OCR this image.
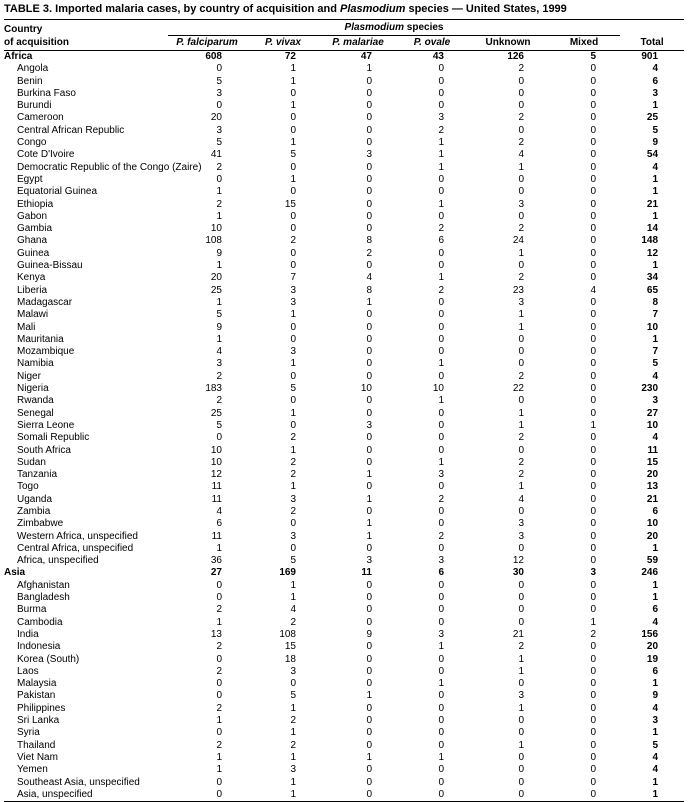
TABLE 3. Imported malaria cases, by country of acquisition and Plasmodium species — United States, 1999
Country	Plasmodium species						
of acquisition	P. falciparum	P. vivax	P. malariae	P. ovale	Unknown	Mixed	Total
Africa	608	72	47	43	126	5	901
Angola	0	1	1	0	2	0	4
Benin	5	1	0	0	0	0	6
Burkina Faso	3	0	0	0	0	0	3
Burundi	0	1	0	0	0	0	1
Cameroon	20	0	0	3	2	0	25
Central African Republic	3	0	0	2	0	0	5
Congo	5	1	0	1	2	0	9
Cote D'Ivoire	41	5	3	1	4	0	54
Democratic Republic of the Congo (Zaire)	2	0	0	1	1	0	4
Egypt	0	1	0	0	0	0	1
Equatorial Guinea	1	0	0	0	0	0	1
Ethiopia	2	15	0	1	3	0	21
Gabon	1	0	0	0	0	0	1
Gambia	10	0	0	2	2	0	14
Ghana	108	2	8	6	24	0	148
Guinea	9	0	2	0	1	0	12
Guinea-Bissau	1	0	0	0	0	0	1
Kenya	20	7	4	1	2	0	34
Liberia	25	3	8	2	23	4	65
Madagascar	1	3	1	0	3	0	8
Malawi	5	1	0	0	1	0	7
Mali	9	0	0	0	1	0	10
Mauritania	1	0	0	0	0	0	1
Mozambique	4	3	0	0	0	0	7
Namibia	3	1	0	1	0	0	5
Niger	2	0	0	0	2	0	4
Nigeria	183	5	10	10	22	0	230
Rwanda	2	0	0	1	0	0	3
Senegal	25	1	0	0	1	0	27
Sierra Leone	5	0	3	0	1	1	10
Somali Republic	0	2	0	0	2	0	4
South Africa	10	1	0	0	0	0	11
Sudan	10	2	0	1	2	0	15
Tanzania	12	2	1	3	2	0	20
Togo	11	1	0	0	1	0	13
Uganda	11	3	1	2	4	0	21
Zambia	4	2	0	0	0	0	6
Zimbabwe	6	0	1	0	3	0	10
Western Africa, unspecified	11	3	1	2	3	0	20
Central Africa, unspecified	1	0	0	0	0	0	1
Africa, unspecified	36	5	3	3	12	0	59
Asia	27	169	11	6	30	3	246
Afghanistan	0	1	0	0	0	0	1
Bangladesh	0	1	0	0	0	0	1
Burma	2	4	0	0	0	0	6
Cambodia	1	2	0	0	0	1	4
India	13	108	9	3	21	2	156
Indonesia	2	15	0	1	2	0	20
Korea (South)	0	18	0	0	1	0	19
Laos	2	3	0	0	1	0	6
Malaysia	0	0	0	1	0	0	1
Pakistan	0	5	1	0	3	0	9
Philippines	2	1	0	0	1	0	4
Sri Lanka	1	2	0	0	0	0	3
Syria	0	1	0	0	0	0	1
Thailand	2	2	0	0	1	0	5
Viet Nam	1	1	1	1	0	0	4
Yemen	1	3	0	0	0	0	4
Southeast Asia, unspecified	0	1	0	0	0	0	1
Asia, unspecified	0	1	0	0	0	0	1
